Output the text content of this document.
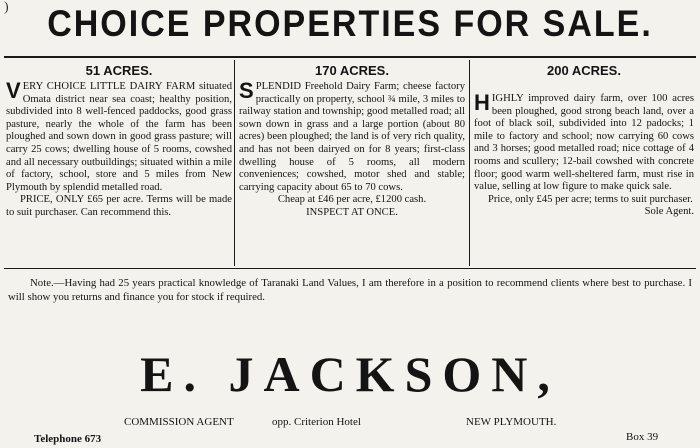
)	CHOICE PROPERTIES FOR SALE.
51 ACRES.
V ERY CHOICE LITTLE DAIRY FARM situated Omata district near sea coast; healthy position, subdivided into 8 well-fenced paddocks, good grass pasture, nearly the whole of the farm has been ploughed and sown down in good grass pasture; will carry 25 cows; dwelling house of 5 rooms, cowshed and all necessary outbuildings; situated within a mile of factory, school, store and 5 miles from New Plymouth by splendid metalled road.

PRICE, ONLY £65 per acre. Terms will be made to suit purchaser. Can recommend this.

170 ACRES.
S PLENDID Freehold Dairy Farm; cheese factory practically on property, school ¾ mile, 3 miles to railway station and township; good metalled road; all sown down in grass and a large portion (about 80 acres) been ploughed; the land is of very rich quality, and has not been dairyed on for 8 years; first-class dwelling house of 5 rooms, all modern conveniences; cowshed, motor shed and stable; carrying capacity about 65 to 70 cows.

Cheap at £46 per acre, £1200 cash.

INSPECT AT ONCE.

200 ACRES.
H IGHLY improved dairy farm, over 100 acres been ploughed, good strong beach land, over a foot of black soil, subdivided into 12 padocks; 1 mile to factory and school; now carrying 60 cows and 3 horses; good metalled road; nice cottage of 4 rooms and scullery; 12-bail cowshed with concrete floor; good warm well-sheltered farm, must rise in value, selling at low figure to make quick sale.

Price, only £45 per acre; terms to suit purchaser.

Sole Agent.

Note.—Having had 25 years practical knowledge of Taranaki Land Values, I am therefore in a position to recommend clients where best to purchase. I will show you returns and finance you for stock if required.
E. JACKSON,
COMMISSION AGENT	opp. Criterion Hotel	NEW PLYMOUTH.
Telephone 673	Box 39
